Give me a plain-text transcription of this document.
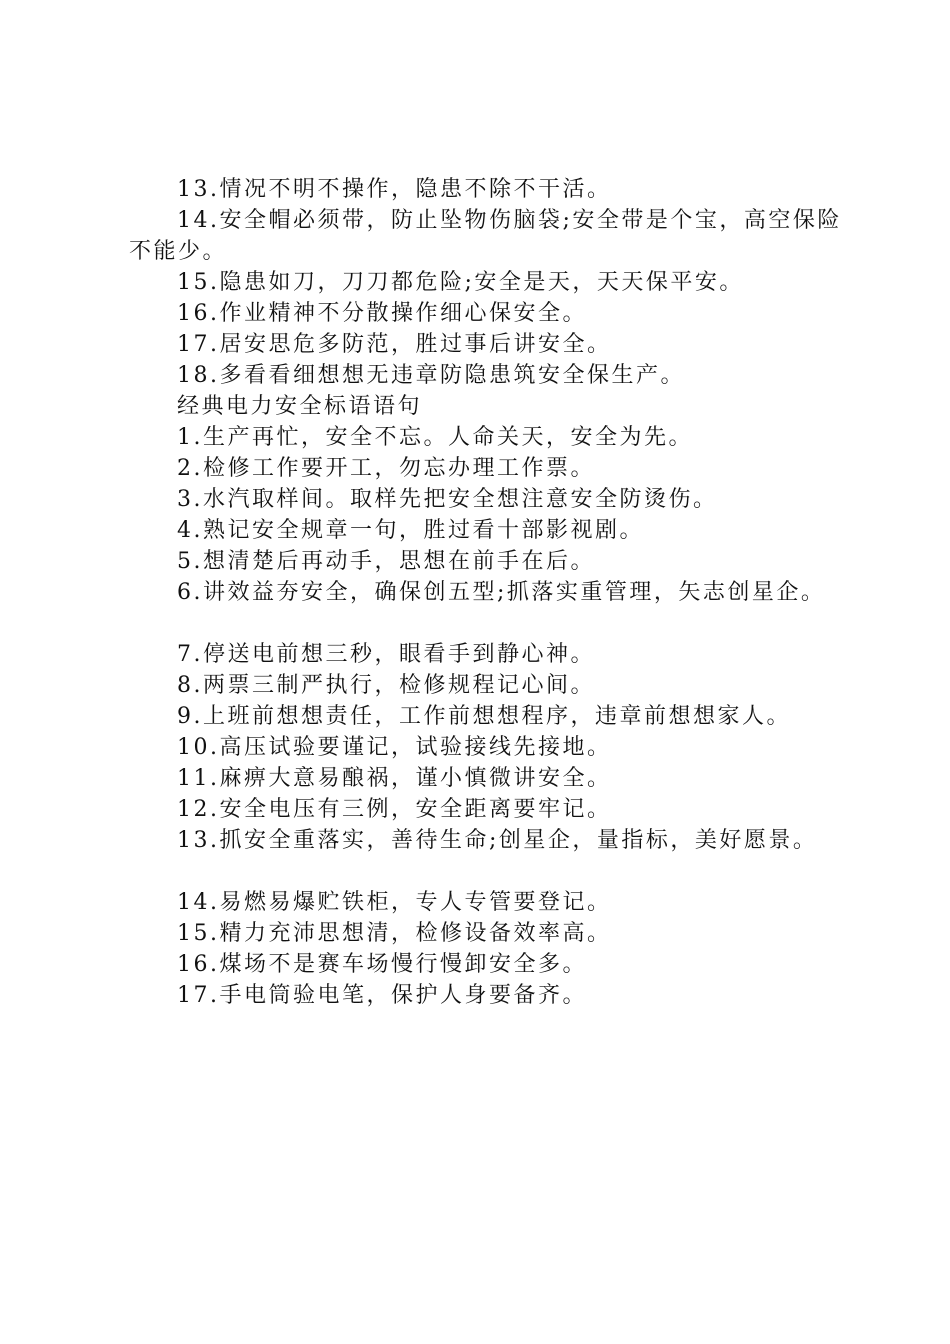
13.情况不明不操作，隐患不除不干活。

14.安全帽必须带，防止坠物伤脑袋;安全带是个宝，高空保险不能少。

15.隐患如刀，刀刀都危险;安全是天，天天保平安。

16.作业精神不分散操作细心保安全。

17.居安思危多防范，胜过事后讲安全。

18.多看看细想想无违章防隐患筑安全保生产。

经典电力安全标语语句

1.生产再忙，安全不忘。人命关天，安全为先。

2.检修工作要开工，勿忘办理工作票。

3.水汽取样间。取样先把安全想注意安全防烫伤。

4.熟记安全规章一句，胜过看十部影视剧。

5.想清楚后再动手，思想在前手在后。

6.讲效益夯安全，确保创五型;抓落实重管理，矢志创星企。

7.停送电前想三秒，眼看手到静心神。

8.两票三制严执行，检修规程记心间。

9.上班前想想责任，工作前想想程序，违章前想想家人。

10.高压试验要谨记，试验接线先接地。

11.麻痹大意易酿祸，谨小慎微讲安全。

12.安全电压有三例，安全距离要牢记。

13.抓安全重落实，善待生命;创星企，量指标，美好愿景。

14.易燃易爆贮铁柜，专人专管要登记。

15.精力充沛思想清，检修设备效率高。

16.煤场不是赛车场慢行慢卸安全多。

17.手电筒验电笔，保护人身要备齐。
